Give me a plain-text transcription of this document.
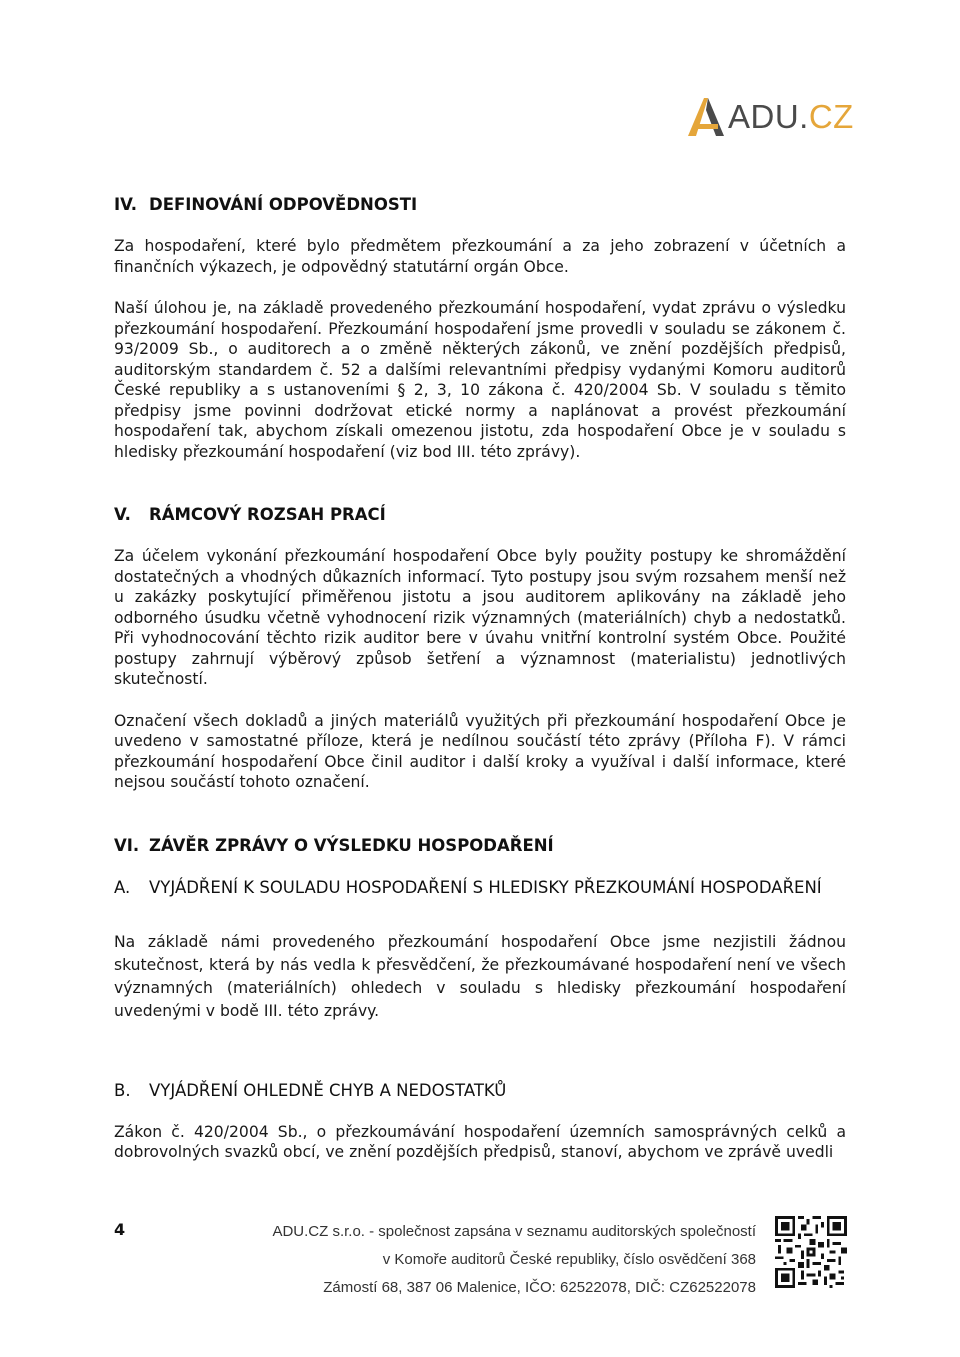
ADU.CZ
IV. DEFINOVÁNÍ ODPOVĚDNOSTI

Za hospodaření, které bylo předmětem přezkoumání a za jeho zobrazení v účetních a finančních výkazech, je odpovědný statutární orgán Obce.

Naší úlohou je, na základě provedeného přezkoumání hospodaření, vydat zprávu o výsledku přezkoumání hospodaření. Přezkoumání hospodaření jsme provedli v souladu se zákonem č. 93/2009 Sb., o auditorech a o změně některých zákonů, ve znění pozdějších předpisů, auditorským standardem č. 52 a dalšími relevantními předpisy vydanými Komoru auditorů České republiky a s ustanoveními § 2, 3, 10 zákona č. 420/2004 Sb. V souladu s těmito předpisy jsme povinni dodržovat etické normy a naplánovat a provést přezkoumání hospodaření tak, abychom získali omezenou jistotu, zda hospodaření Obce je v souladu s hledisky přezkoumání hospodaření (viz bod III. této zprávy).

V.	RÁMCOVÝ ROZSAH PRACÍ

Za účelem vykonání přezkoumání hospodaření Obce byly použity postupy ke shromáždění dostatečných a vhodných důkazních informací. Tyto postupy jsou svým rozsahem menší než u zakázky poskytující přiměřenou jistotu a jsou auditorem aplikovány na základě jeho odborného úsudku včetně vyhodnocení rizik významných (materiálních) chyb a nedostatků. Při vyhodnocování těchto rizik auditor bere v úvahu vnitřní kontrolní systém Obce. Použité postupy zahrnují výběrový způsob šetření a významnost (materialistu) jednotlivých skutečností.

Označení všech dokladů a jiných materiálů využitých při přezkoumání hospodaření Obce je uvedeno v samostatné příloze, která je nedílnou součástí této zprávy (Příloha F). V rámci přezkoumání hospodaření Obce činil auditor i další kroky a využíval i další informace, které nejsou součástí tohoto označení.

VI. ZÁVĚR ZPRÁVY O VÝSLEDKU HOSPODAŘENÍ
A.	VYJÁDŘENÍ K SOULADU HOSPODAŘENÍ S HLEDISKY PŘEZKOUMÁNÍ HOSPODAŘENÍ

Na základě námi provedeného přezkoumání hospodaření Obce jsme nezjistili žádnou skutečnost, která by nás vedla k přesvědčení, že přezkoumávané hospodaření není ve všech významných (materiálních) ohledech v souladu s hledisky přezkoumání hospodaření uvedenými v bodě III. této zprávy.

B.	VYJÁDŘENÍ OHLEDNĚ CHYB A NEDOSTATKŮ

Zákon č. 420/2004 Sb., o přezkoumávání hospodaření územních samosprávných celků a dobrovolných svazků obcí, ve znění pozdějších předpisů, stanoví, abychom ve zprávě uvedli

4	ADU.CZ s.r.o. - společnost zapsána v seznamu auditorských společností
v Komoře auditorů České republiky, číslo osvědčení 368
Zámostí 68, 387 06 Malenice, IČO: 62522078, DIČ: CZ62522078
